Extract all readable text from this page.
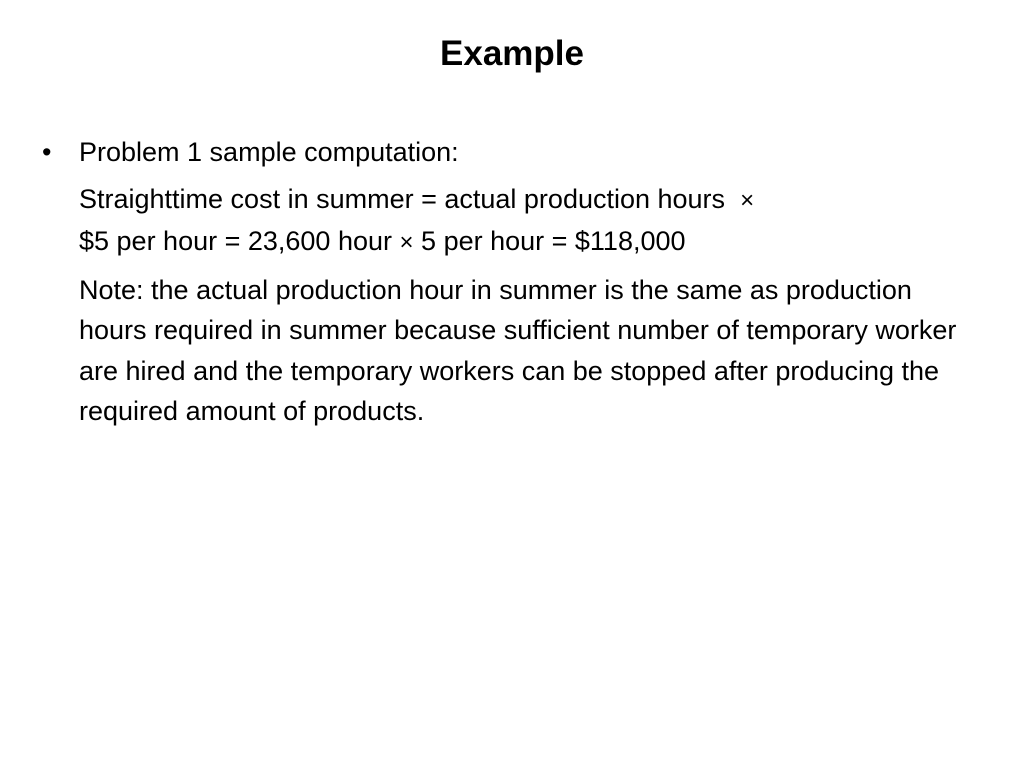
Example
•	Problem 1 sample computation:
Straighttime cost in summer = actual production hours ×
$5 per hour = 23,600 hour × 5 per hour = $118,000
Note: the actual production hour in summer is the same as production hours required in summer because sufficient number of temporary worker are hired and the temporary workers can be stopped after producing the required amount of products.
